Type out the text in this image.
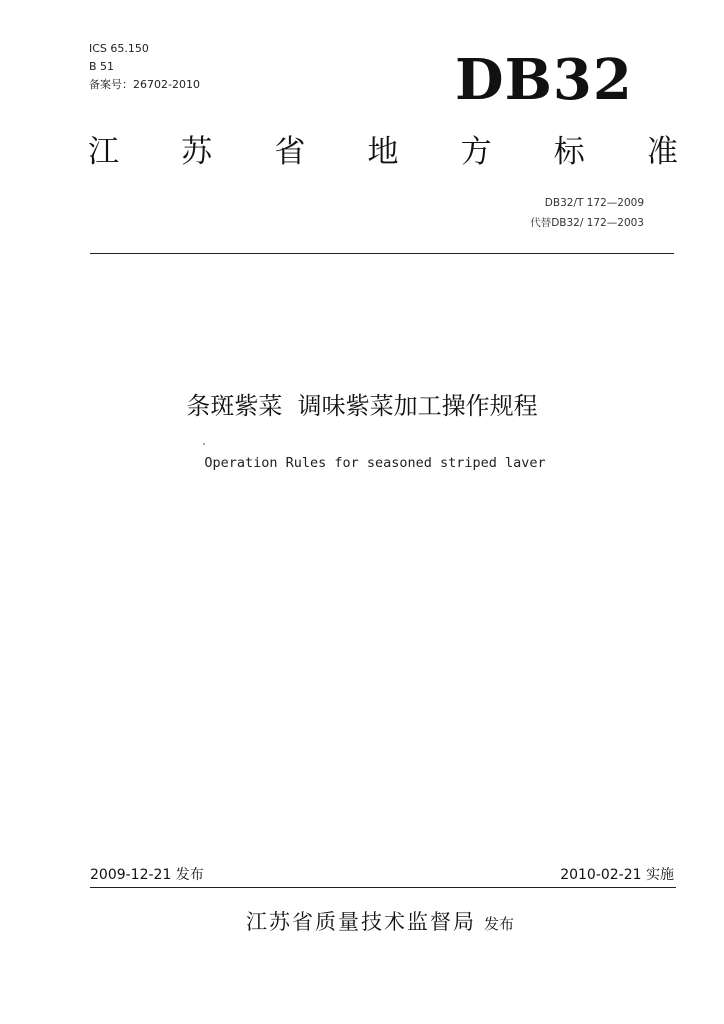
ICS 65.150
B 51
备案号：26702-2010	DB32
江 苏 省 地 方 标 准
DB32/T 172—2009
代替DB32/ 172—2003
条斑紫菜  调味紫菜加工操作规程
Operation Rules for seasoned striped laver
2009-12-21 发布	2010-02-21 实施
江苏省质量技术监督局 发布
